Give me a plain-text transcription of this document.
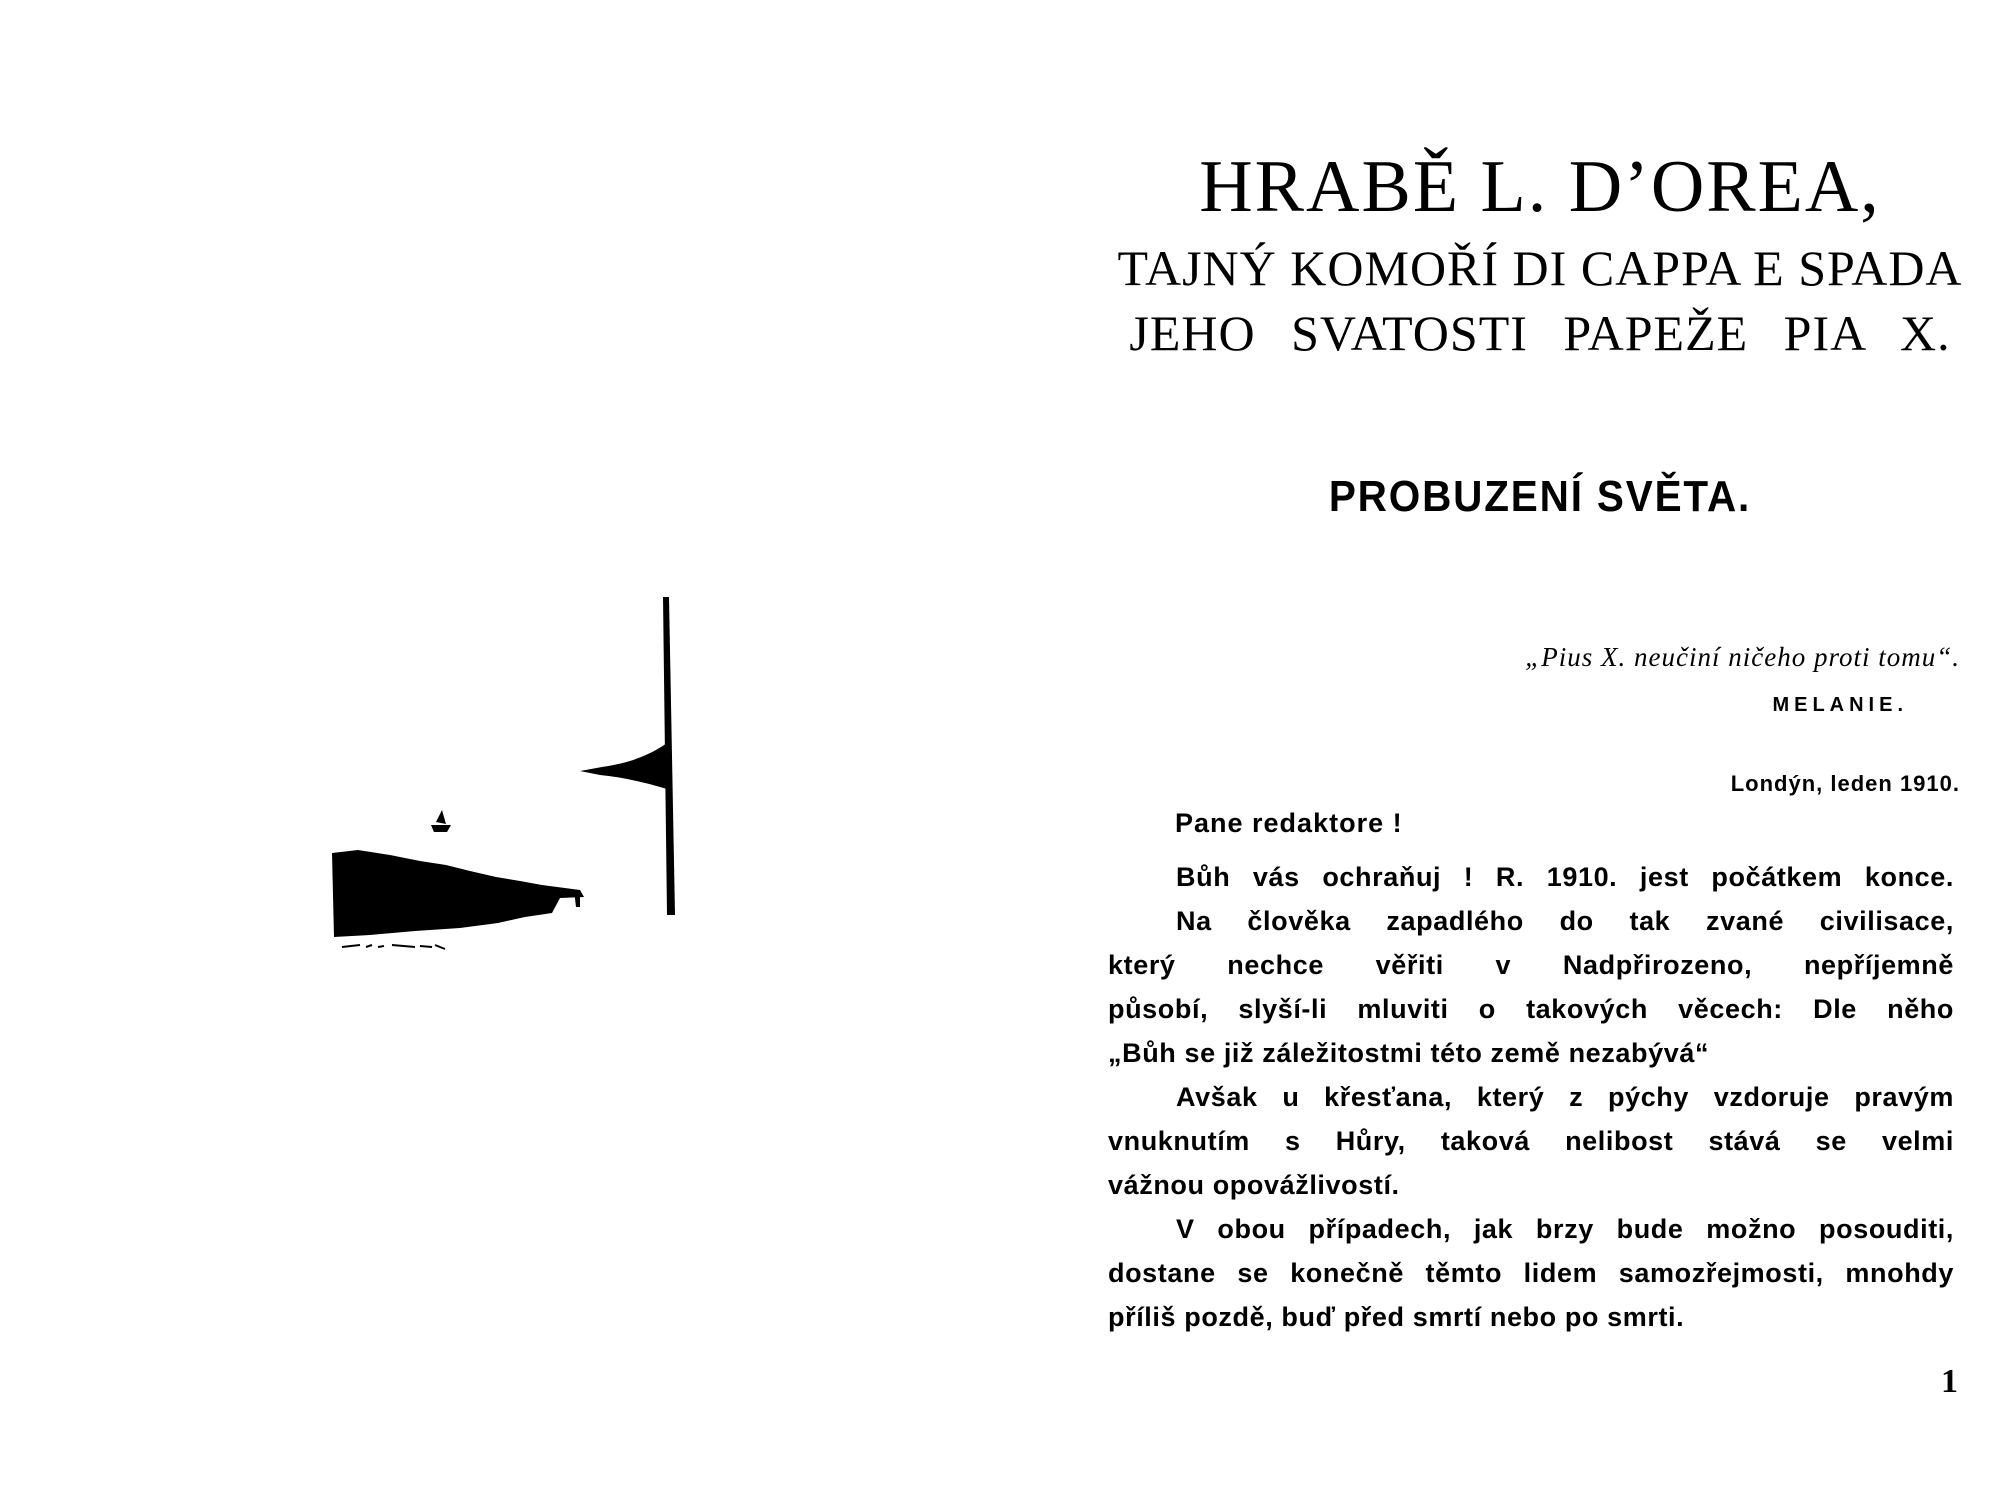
HRABĚ L. D’OREA,
TAJNÝ KOMOŘÍ DI CAPPA E SPADA
JEHO SVATOSTI PAPEŽE PIA X.
PROBUZENÍ SVĚTA.
„Pius X. neučiní ničeho proti tomu“.
MELANIE.
Londýn, leden 1910.
Pane redaktore !
Bůh vás ochraňuj ! R. 1910. jest počátkem konce.
Na člověka zapadlého do tak zvané civilisace,
který nechce věřiti v Nadpřirozeno, nepříjemně
působí, slyší-li mluviti o takových věcech: Dle něho
„Bůh se již záležitostmi této země nezabývá“
Avšak u křesťana, který z pýchy vzdoruje pravým
vnuknutím s Hůry, taková nelibost stává se velmi
vážnou opovážlivostí.
V obou případech, jak brzy bude možno posouditi,
dostane se konečně těmto lidem samozřejmosti, mnohdy
příliš pozdě, buď před smrtí nebo po smrti.
1
